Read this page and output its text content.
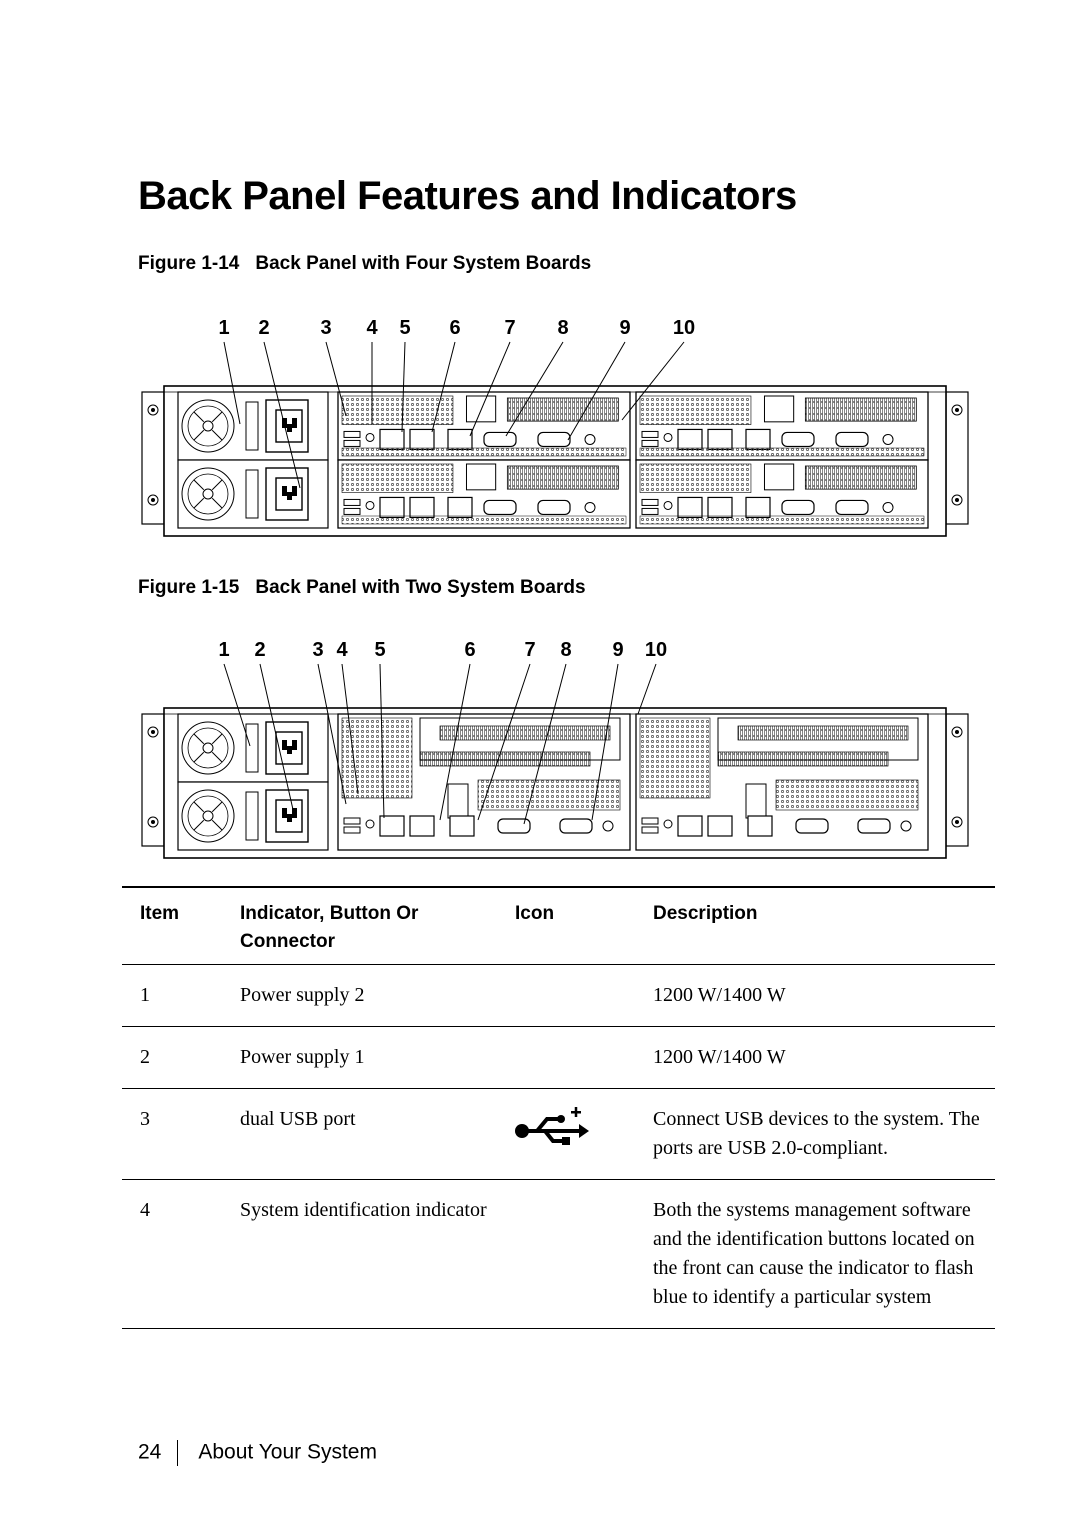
Back Panel Features and Indicators
Figure 1-14 Back Panel with Four System Boards
1 2	3 4 5 6 7 8	9 10
Figure 1-15 Back Panel with Two System Boards
1 2 3 4 5	6 7 8 9 10
Item	Indicator, Button Or Connector	Icon	Description
1	Power supply 2		1200 W/1400 W
2	Power supply 1		1200 W/1400 W
3	dual USB port		Connect USB devices to the system. The ports are USB 2.0-compliant.
4	System identification indicator		Both the systems management software and the identification buttons located on the front can cause the indicator to flash blue to identify a particular system
24 About Your System
